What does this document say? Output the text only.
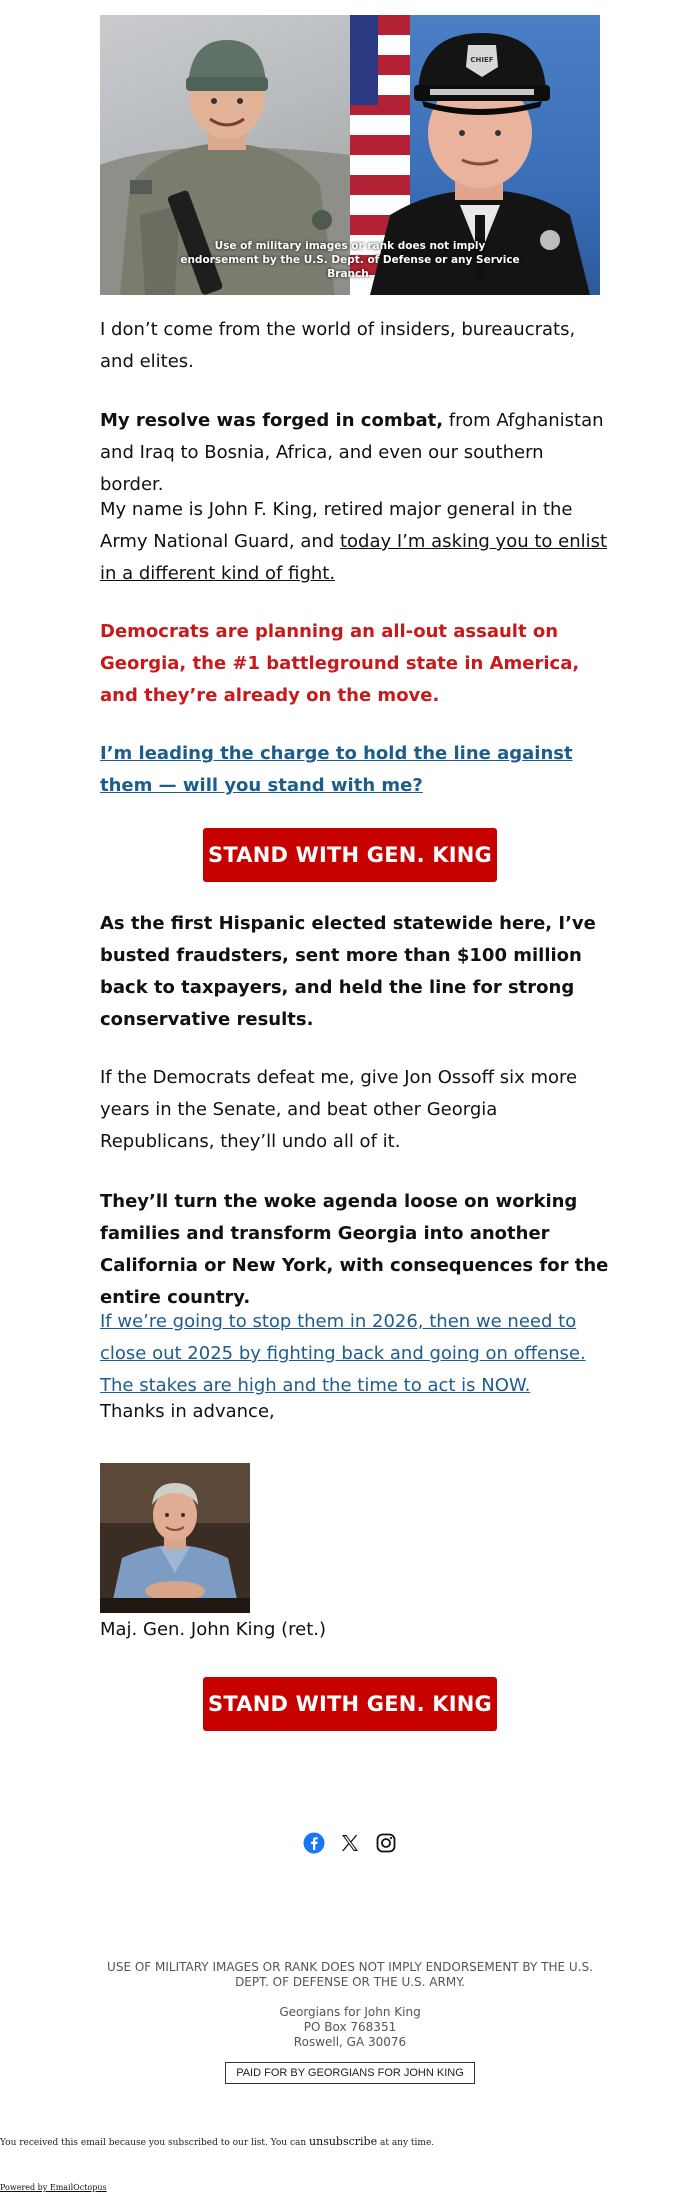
CHIEF
Use of military images or rank does not imply endorsement by the U.S. Dept. of Defense or any Service Branch.

I don’t come from the world of insiders, bureaucrats, and elites.

My resolve was forged in combat, from Afghanistan and Iraq to Bosnia, Africa, and even our southern border.

My name is John F. King, retired major general in the Army National Guard, and today I’m asking you to enlist in a different kind of fight.

Democrats are planning an all-out assault on Georgia, the #1 battleground state in America, and they’re already on the move.

I’m leading the charge to hold the line against them — will you stand with me?
STAND WITH GEN. KING

As the first Hispanic elected statewide here, I’ve busted fraudsters, sent more than $100 million back to taxpayers, and held the line for strong conservative results.

If the Democrats defeat me, give Jon Ossoff six more years in the Senate, and beat other Georgia Republicans, they’ll undo all of it.

They’ll turn the woke agenda loose on working families and transform Georgia into another California or New York, with consequences for the entire country.

If we’re going to stop them in 2026, then we need to close out 2025 by fighting back and going on offense. The stakes are high and the time to act is NOW.

Thanks in advance,

Maj. Gen. John King (ret.)

STAND WITH GEN. KING
USE OF MILITARY IMAGES OR RANK DOES NOT IMPLY ENDORSEMENT BY THE U.S. DEPT. OF DEFENSE OR THE U.S. ARMY.
Georgians for John King
PO Box 768351
Roswell, GA 30076
PAID FOR BY GEORGIANS FOR JOHN KING
You received this email because you subscribed to our list. You can unsubscribe at any time.
Powered by EmailOctopus
